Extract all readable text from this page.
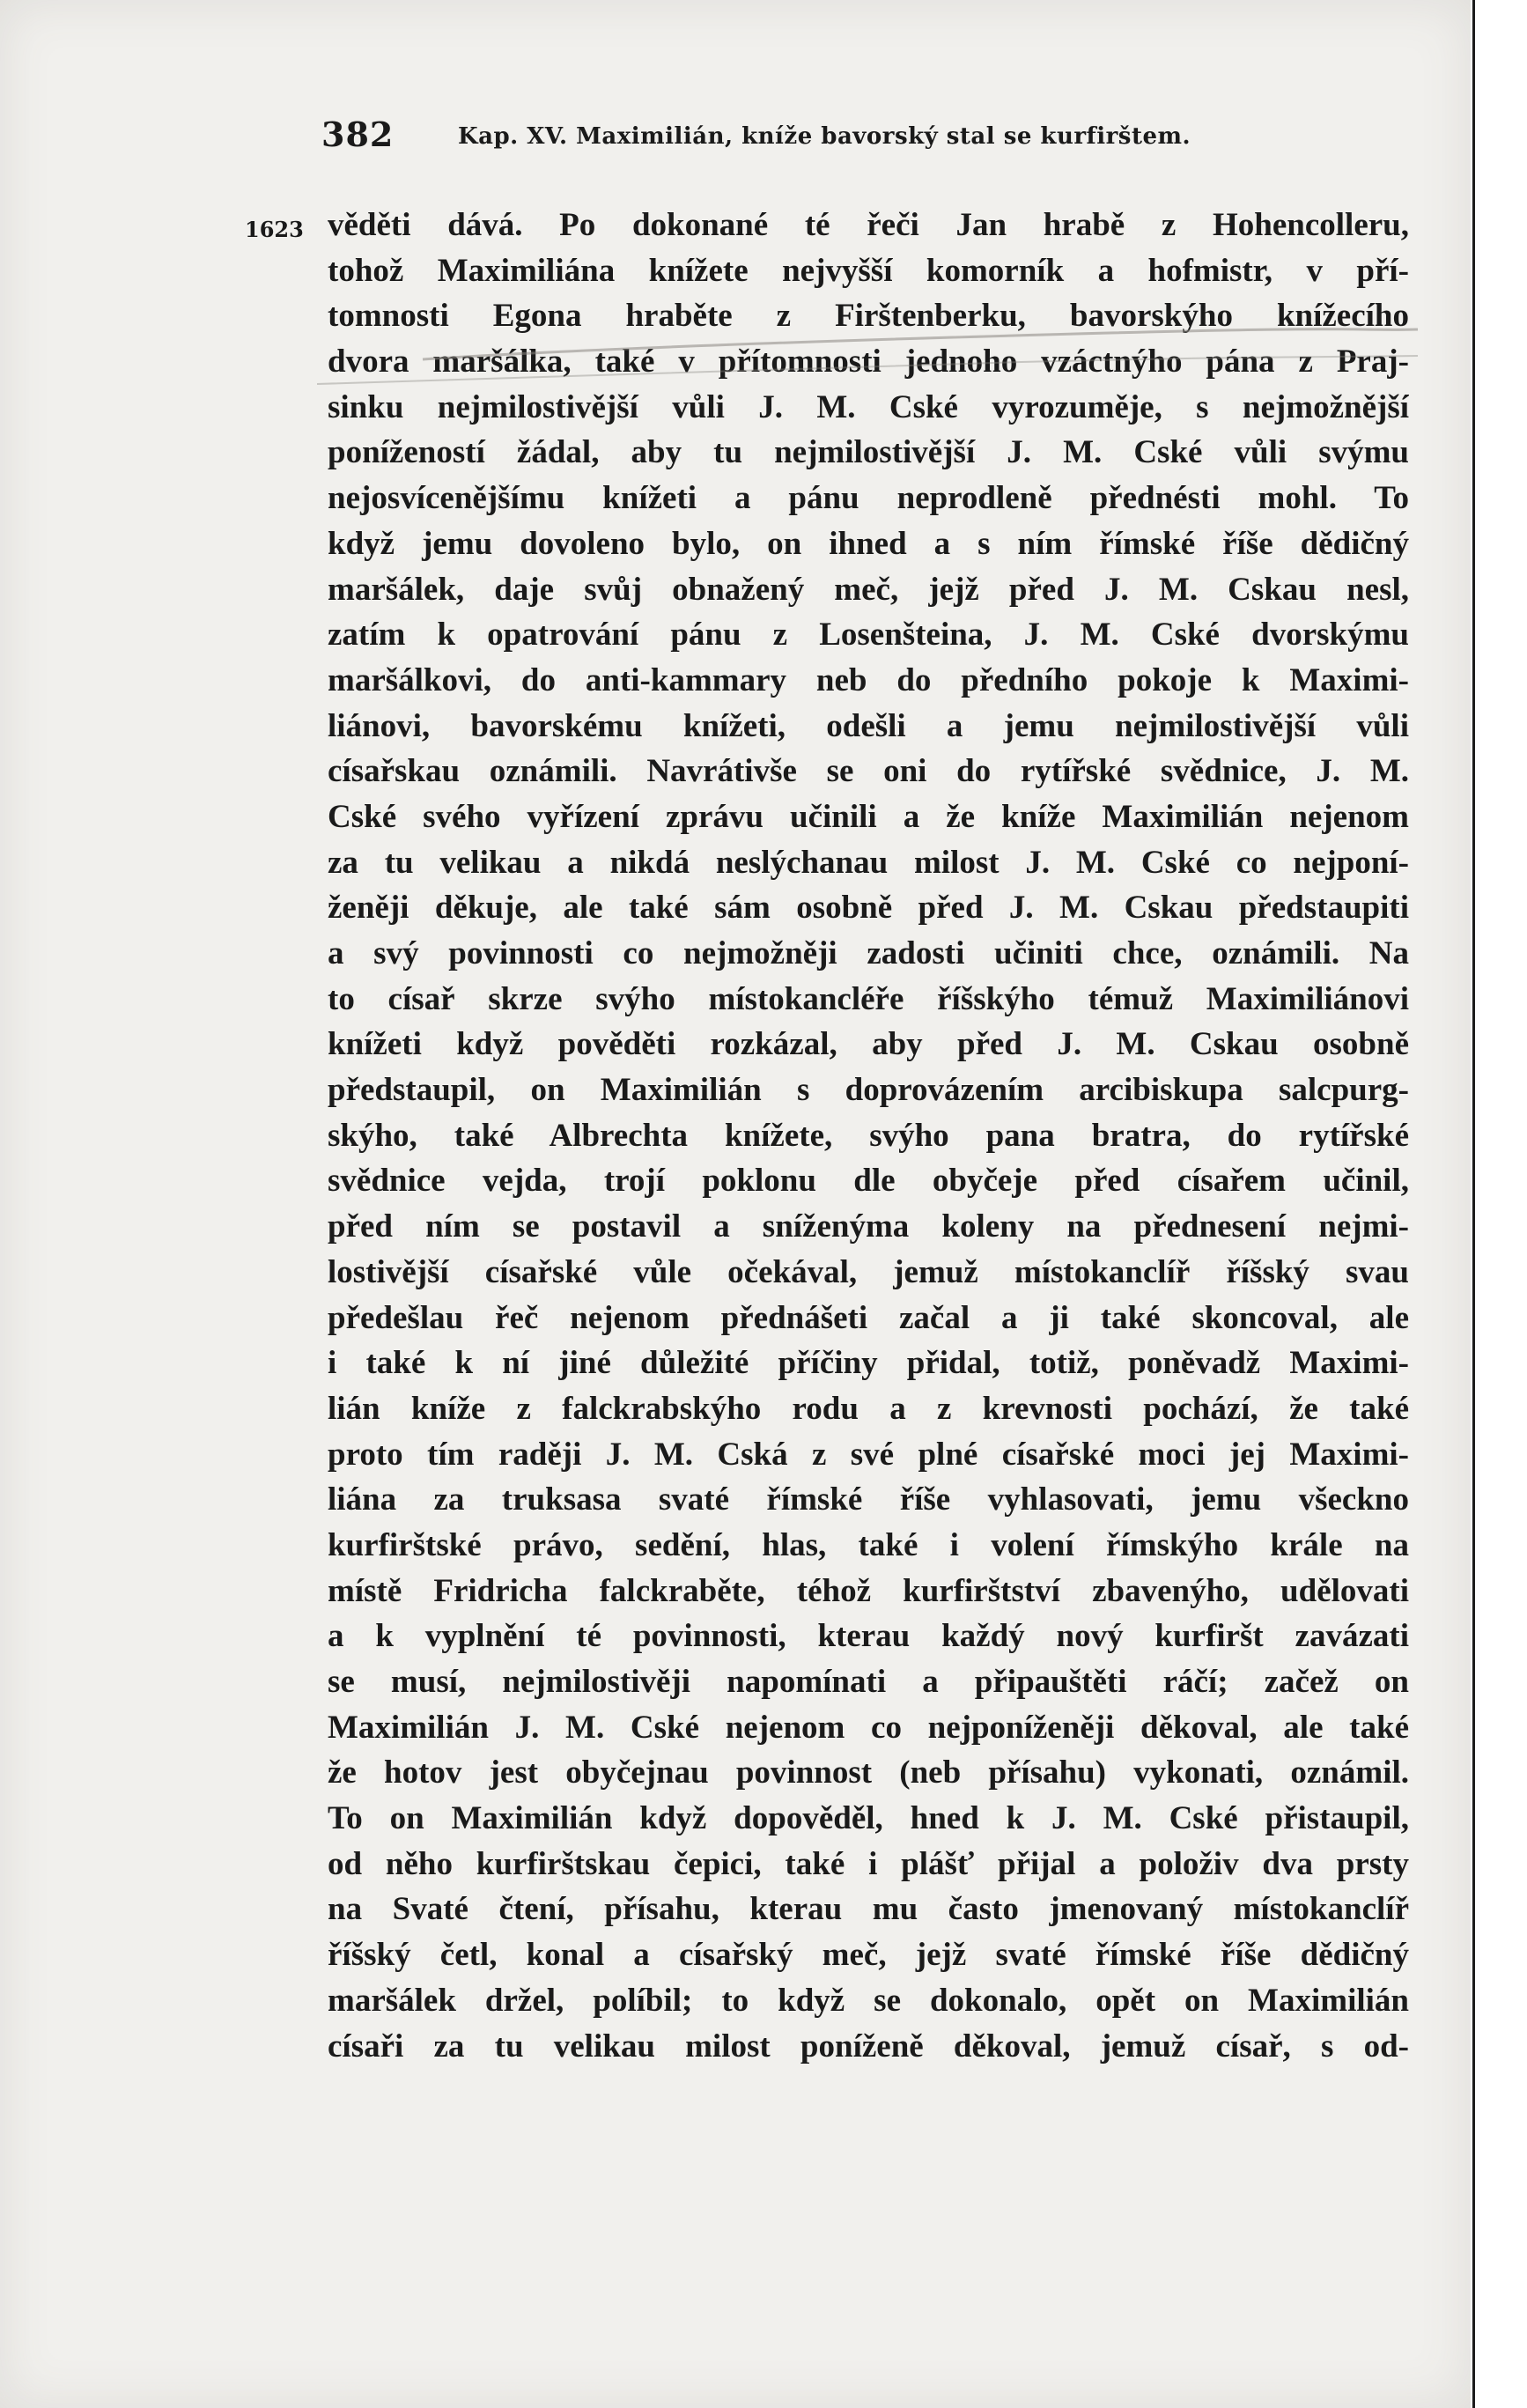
382	Kap. XV. Maximilián, kníže bavorský stal se kurfirštem.
1623 věděti dává. Po dokonané té řeči Jan hrabě z Hohencolleru,
tohož Maximiliána knížete nejvyšší komorník a hofmistr, v pří-
tomnosti Egona hraběte z Firštenberku, bavorskýho knížecího
dvora maršálka, také v přítomnosti jednoho vzáctnýho pána z Praj-
sinku nejmilostivější vůli J. M. Cské vyrozuměje, s nejmožnější
ponížeností žádal, aby tu nejmilostivější J. M. Cské vůli svýmu
nejosvícenějšímu knížeti a pánu neprodleně přednésti mohl. To
když jemu dovoleno bylo, on ihned a s ním římské říše dědičný
maršálek, daje svůj obnažený meč, jejž před J. M. Cskau nesl,
zatím k opatrování pánu z Losenšteina, J. M. Cské dvorskýmu
maršálkovi, do anti-kammary neb do předního pokoje k Maximi-
liánovi, bavorskému knížeti, odešli a jemu nejmilostivější vůli
císařskau oznámili. Navrátivše se oni do rytířské svědnice, J. M.
Cské svého vyřízení zprávu učinili a že kníže Maximilián nejenom
za tu velikau a nikdá neslýchanau milost J. M. Cské co nejponí-
ženěji děkuje, ale také sám osobně před J. M. Cskau předstaupiti
a svý povinnosti co nejmožněji zadosti učiniti chce, oznámili. Na
to císař skrze svýho místokancléře říšskýho témuž Maximiliánovi
knížeti když pověděti rozkázal, aby před J. M. Cskau osobně
předstaupil, on Maximilián s doprovázením arcibiskupa salcpurg-
skýho, také Albrechta knížete, svýho pana bratra, do rytířské
svědnice vejda, trojí poklonu dle obyčeje před císařem učinil,
před ním se postavil a sníženýma koleny na přednesení nejmi-
lostivější císařské vůle očekával, jemuž místokanclíř říšský svau
předešlau řeč nejenom přednášeti začal a ji také skoncoval, ale
i také k ní jiné důležité příčiny přidal, totiž, poněvadž Maximi-
lián kníže z falckrabskýho rodu a z krevnosti pochází, že také
proto tím raději J. M. Cská z své plné císařské moci jej Maximi-
liána za truksasa svaté římské říše vyhlasovati, jemu všeckno
kurfirštské právo, sedění, hlas, také i volení římskýho krále na
místě Fridricha falckraběte, téhož kurfirštství zbavenýho, udělovati
a k vyplnění té povinnosti, kterau každý nový kurfiršt zavázati
se musí, nejmilostivěji napomínati a připauštěti ráčí; začež on
Maximilián J. M. Cské nejenom co nejponíženěji děkoval, ale také
že hotov jest obyčejnau povinnost (neb přísahu) vykonati, oznámil.
To on Maximilián když dopověděl, hned k J. M. Cské přistaupil,
od něho kurfirštskau čepici, také i plášť přijal a položiv dva prsty
na Svaté čtení, přísahu, kterau mu často jmenovaný místokanclíř
říšský četl, konal a císařský meč, jejž svaté římské říše dědičný
maršálek držel, políbil; to když se dokonalo, opět on Maximilián
císaři za tu velikau milost poníženě děkoval, jemuž císař, s od-
